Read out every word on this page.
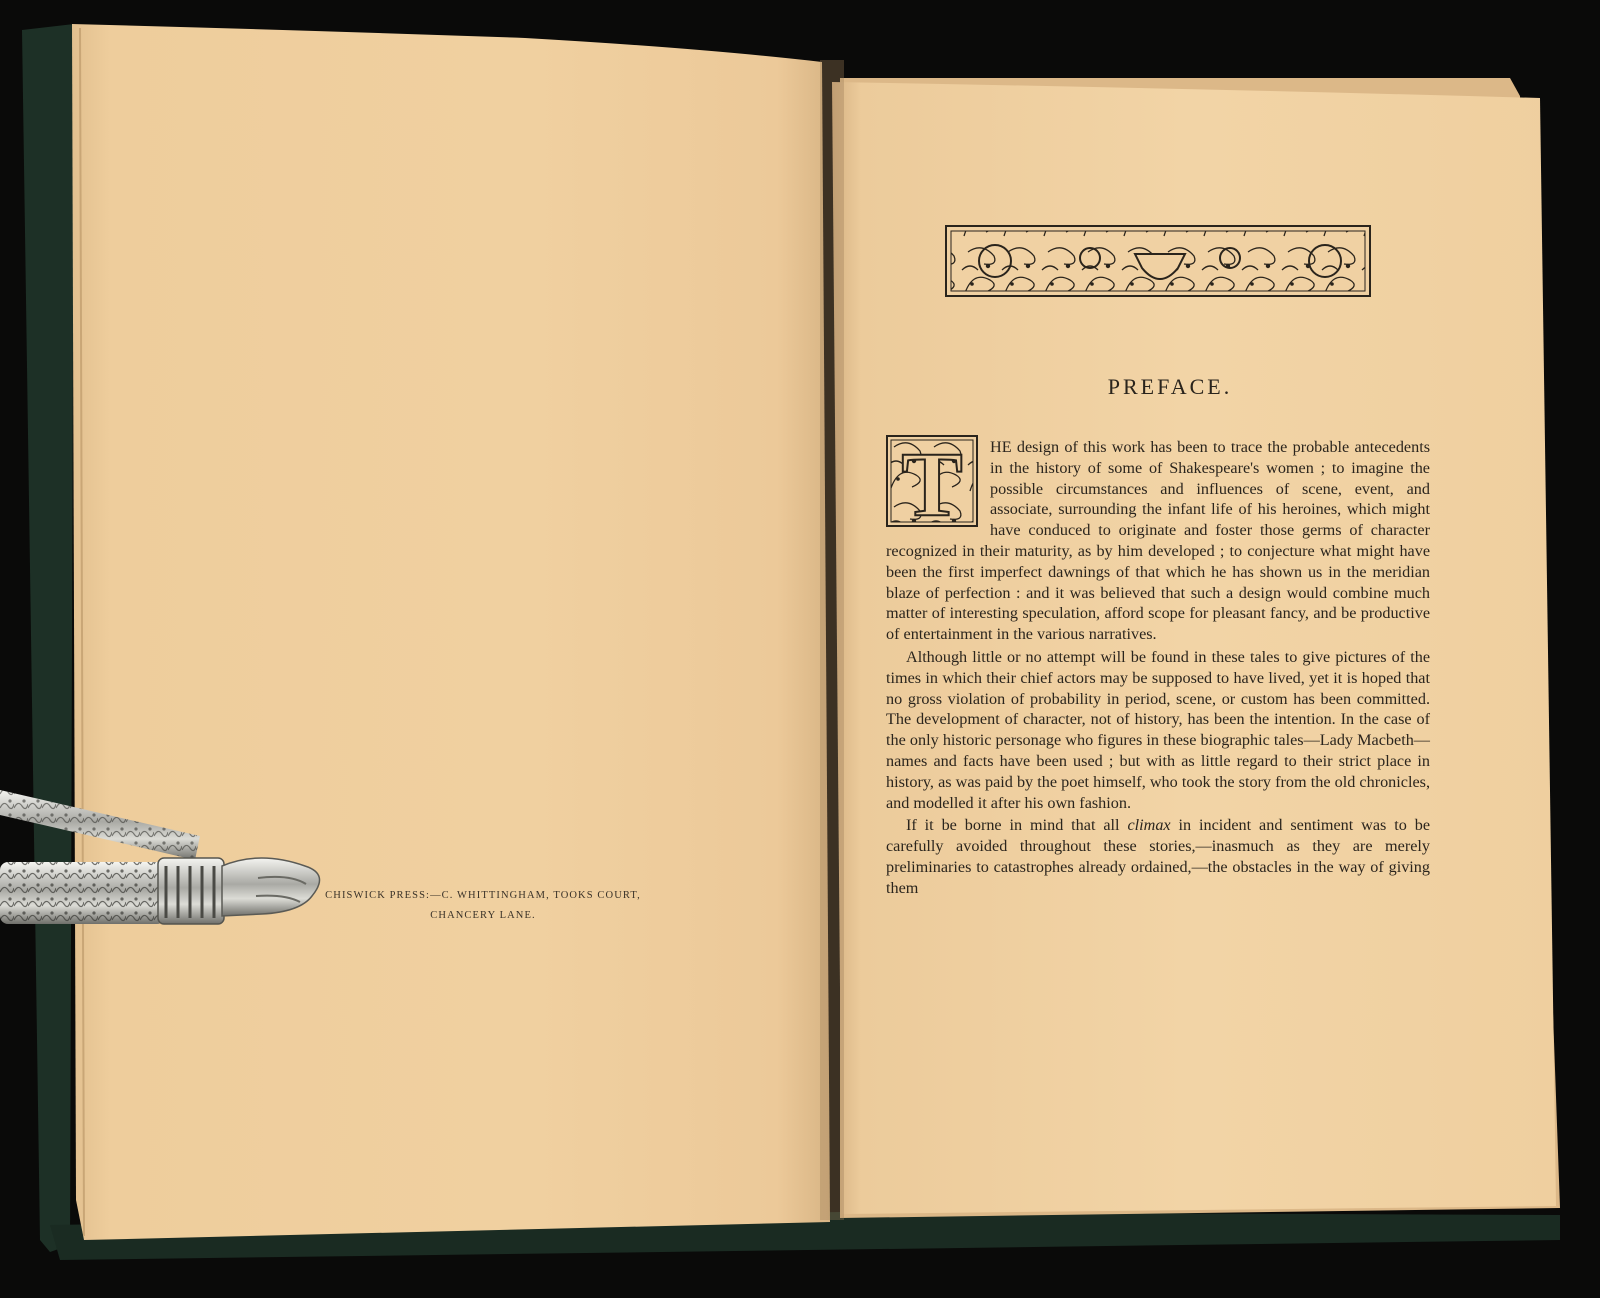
CHISWICK PRESS:—C. WHITTINGHAM, TOOKS COURT,
CHANCERY LANE.
PREFACE.
T	HE design of this work has been to trace the probable antecedents in the history of some of Shakespeare's women ; to imagine the possible circumstances and influences of scene, event, and associate, surrounding the infant life of his heroines, which might have conduced to originate and foster those germs of character recognized in their maturity, as by him developed ; to conjecture what might have been the first imperfect dawnings of that which he has shown us in the meridian blaze of perfection : and it was believed that such a design would combine much matter of interesting speculation, afford scope for pleasant fancy, and be productive of entertainment in the various narratives.

Although little or no attempt will be found in these tales to give pictures of the times in which their chief actors may be supposed to have lived, yet it is hoped that no gross violation of probability in period, scene, or custom has been committed. The development of character, not of history, has been the intention. In the case of the only historic personage who figures in these biographic tales—Lady Macbeth—names and facts have been used ; but with as little regard to their strict place in history, as was paid by the poet himself, who took the story from the old chronicles, and modelled it after his own fashion.

If it be borne in mind that all climax in incident and sentiment was to be carefully avoided throughout these stories,—inasmuch as they are merely preliminaries to catastrophes already ordained,—the obstacles in the way of giving them
